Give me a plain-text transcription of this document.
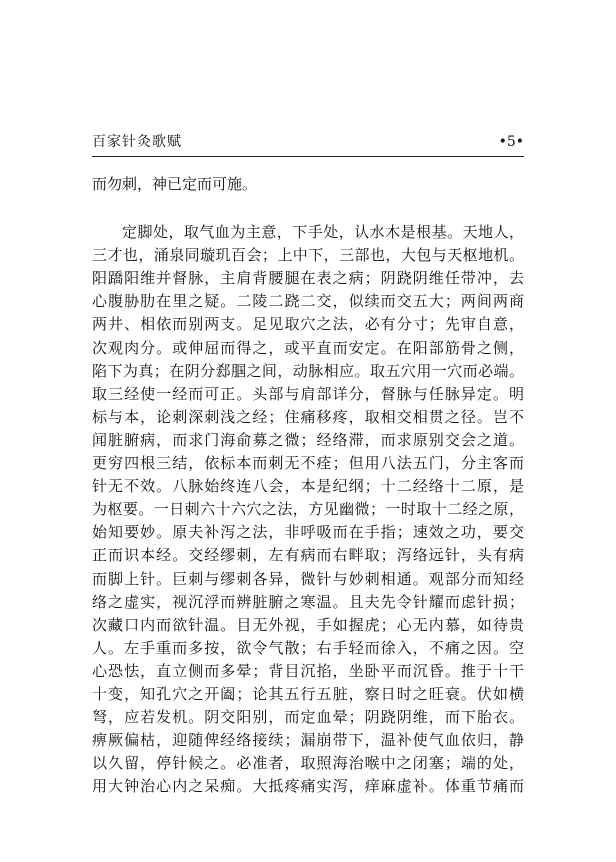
百家针灸歌赋	•5•
而勿刺，神已定而可施。
定脚处，取气血为主意，下手处，认水木是根基。天地人，
三才也，涌泉同璇玑百会；上中下，三部也，大包与天枢地机。
阳蹻阳维并督脉，主肩背腰腿在表之病；阴跷阴维任带冲，去
心腹胁肋在里之疑。二陵二跷二交，似续而交五大；两间两商
两井、相依而别两支。足见取穴之法，必有分寸；先审自意，
次观肉分。或伸屈而得之，或平直而安定。在阳部筋骨之侧，
陷下为真；在阴分郄腘之间，动脉相应。取五穴用一穴而必端。
取三经使一经而可正。头部与肩部详分，督脉与任脉异定。明
标与本，论刺深刺浅之经；住痛移疼，取相交相贯之径。岂不
闻脏腑病，而求门海俞募之微；经络滞，而求原别交会之道。
更穷四根三结，依标本而刺无不痊；但用八法五门，分主客而
针无不效。八脉始终连八会，本是纪纲；十二经络十二原，是
为枢要。一日刺六十六穴之法，方见幽微；一时取十二经之原，
始知要妙。原夫补泻之法，非呼吸而在手指；速效之功，要交
正而识本经。交经缪刺，左有病而右畔取；泻络远针，头有病
而脚上针。巨刺与缪刺各异，微针与妙刺相通。观部分而知经
络之虚实，视沉浮而辨脏腑之寒温。且夫先令针耀而虑针损；
次藏口内而欲针温。目无外视，手如握虎；心无内慕，如待贵
人。左手重而多按，欲令气散；右手轻而徐入，不痛之因。空
心恐怯，直立侧而多晕；背目沉掐，坐卧平而沉昏。推于十干
十变，知孔穴之开阖；论其五行五脏，察日时之旺衰。伏如横
弩，应若发机。阴交阳别，而定血晕；阴跷阴维，而下胎衣。
痹厥偏枯，迎随俾经络接续；漏崩带下，温补使气血依归，静
以久留，停针候之。必准者，取照海治喉中之闭塞；端的处，
用大钟治心内之呆痴。大抵疼痛实泻，痒麻虚补。体重节痛而
